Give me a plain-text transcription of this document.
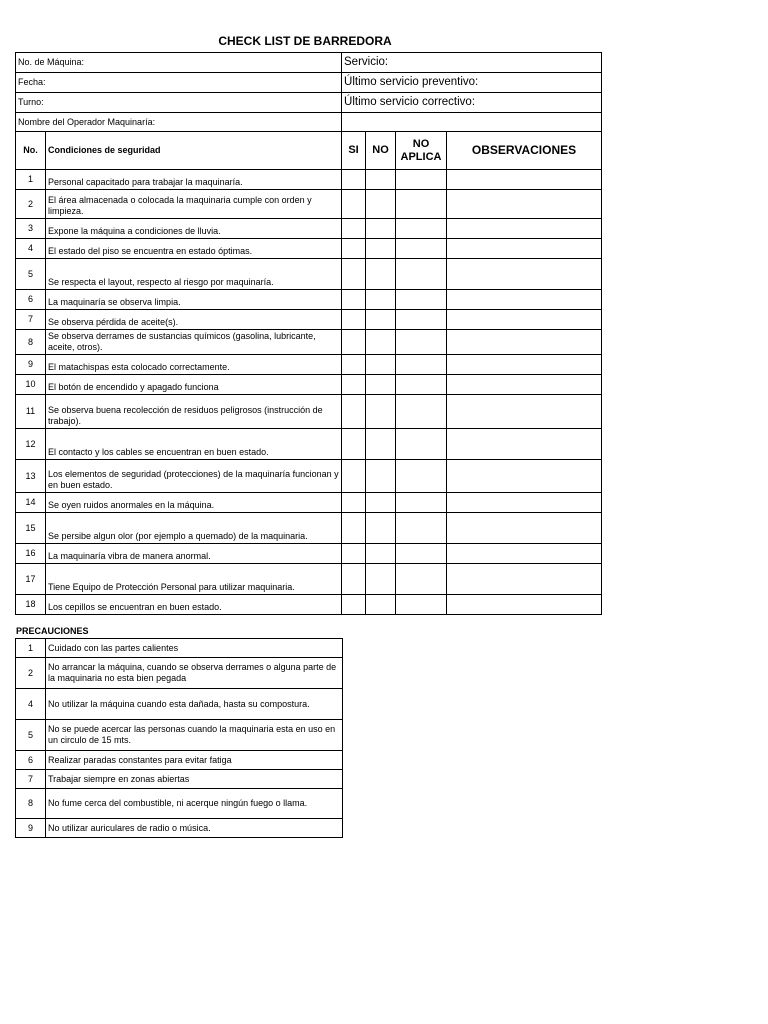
CHECK LIST DE BARREDORA
No. de Máquina:		Servicio:			
Fecha:		Último servicio preventivo:			
Turno:		Último servicio correctivo:			
Nombre del Operador Maquinaría:					
No.	Condiciones de seguridad	SI	NO	NO APLICA	OBSERVACIONES
1	Personal capacitado para trabajar la maquinaría.				
2	El área almacenada o colocada la maquinaria cumple con orden y limpieza.				
3	Expone la máquina a condiciones de lluvia.				
4	El estado del piso se encuentra en estado óptimas.				
5	Se respecta el layout, respecto al riesgo por maquinaría.				
6	La maquinaría se observa limpia.				
7	Se observa pérdida de aceite(s).				
8	Se observa derrames de sustancias químicos (gasolina, lubricante, aceite, otros).				
9	El matachispas esta colocado correctamente.				
10	El botón de encendido y apagado funciona				
11	Se observa buena recolección de residuos peligrosos (instrucción de trabajo).				
12	El contacto y los cables se encuentran en buen estado.				
13	Los elementos de seguridad (protecciones) de la maquinaría funcionan y en buen estado.				
14	Se oyen ruidos anormales en la máquina.				
15	Se persibe algun olor (por ejemplo a quemado) de la maquinaria.				
16	La maquinaría vibra de manera anormal.				
17	Tiene Equipo de Protección Personal para utilizar maquinaria.				
18	Los cepillos se encuentran en buen estado.				
PRECAUCIONES
1	Cuidado con las partes calientes
2	No arrancar la máquina, cuando se observa derrames o alguna parte de la maquinaria no esta bien pegada
4	No utilizar la máquina cuando esta dañada, hasta su compostura.
5	No se puede acercar las personas cuando la maquinaria esta en uso en un circulo de 15 mts.
6	Realizar paradas constantes para evitar fatiga
7	Trabajar siempre en zonas abiertas
8	No fume cerca del combustible, ni acerque ningún fuego o llama.
9	No utilizar auriculares de radio o música.
